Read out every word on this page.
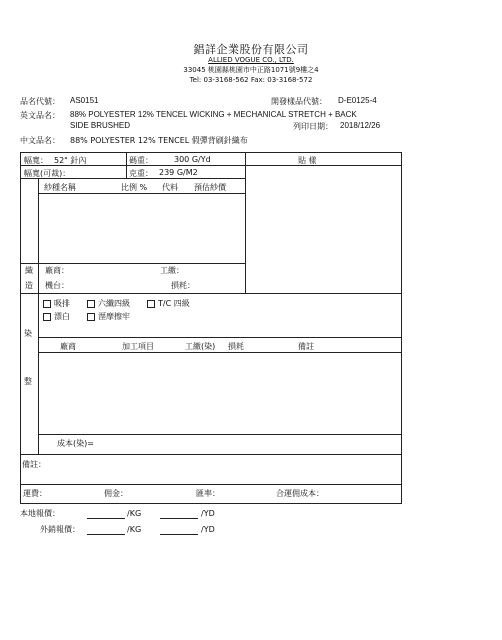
錩詳企業股份有限公司
ALLIED VOGUE CO., LTD.
33045 桃園縣桃園市中正路1071號9樓之4
Tel: 03-3168-562 Fax: 03-3168-572
品名代號： AS0151	開發樣品代號： D-E0125-4
英文品名： 88% POLYESTER 12% TENCEL WICKING + MECHANICAL STRETCH + BACK
SIDE BRUSHED	列印日期： 2018/12/26
中文品名： 88% POLYESTER 12% TENCEL 假彈背刷針織布
幅寬： 52" 針內	碼重：	300 G/Yd	貼 樣
幅寬(可裁)：	克重： 239 G/M2
紗種名稱	比例 % 代料 預估紗價
織
造
廠商：	工繳：
機台：	損耗：
染
整
吸排	六纖四級	T/C 四級
漂白	溼摩擦牢
廠商	加工項目	工繳(染) 損耗	備註
成本(染)=
備註：
運費：	佣金：	匯率：	合運佣成本：
本地報價：	/KG	/YD
外銷報價：	/KG	/YD
